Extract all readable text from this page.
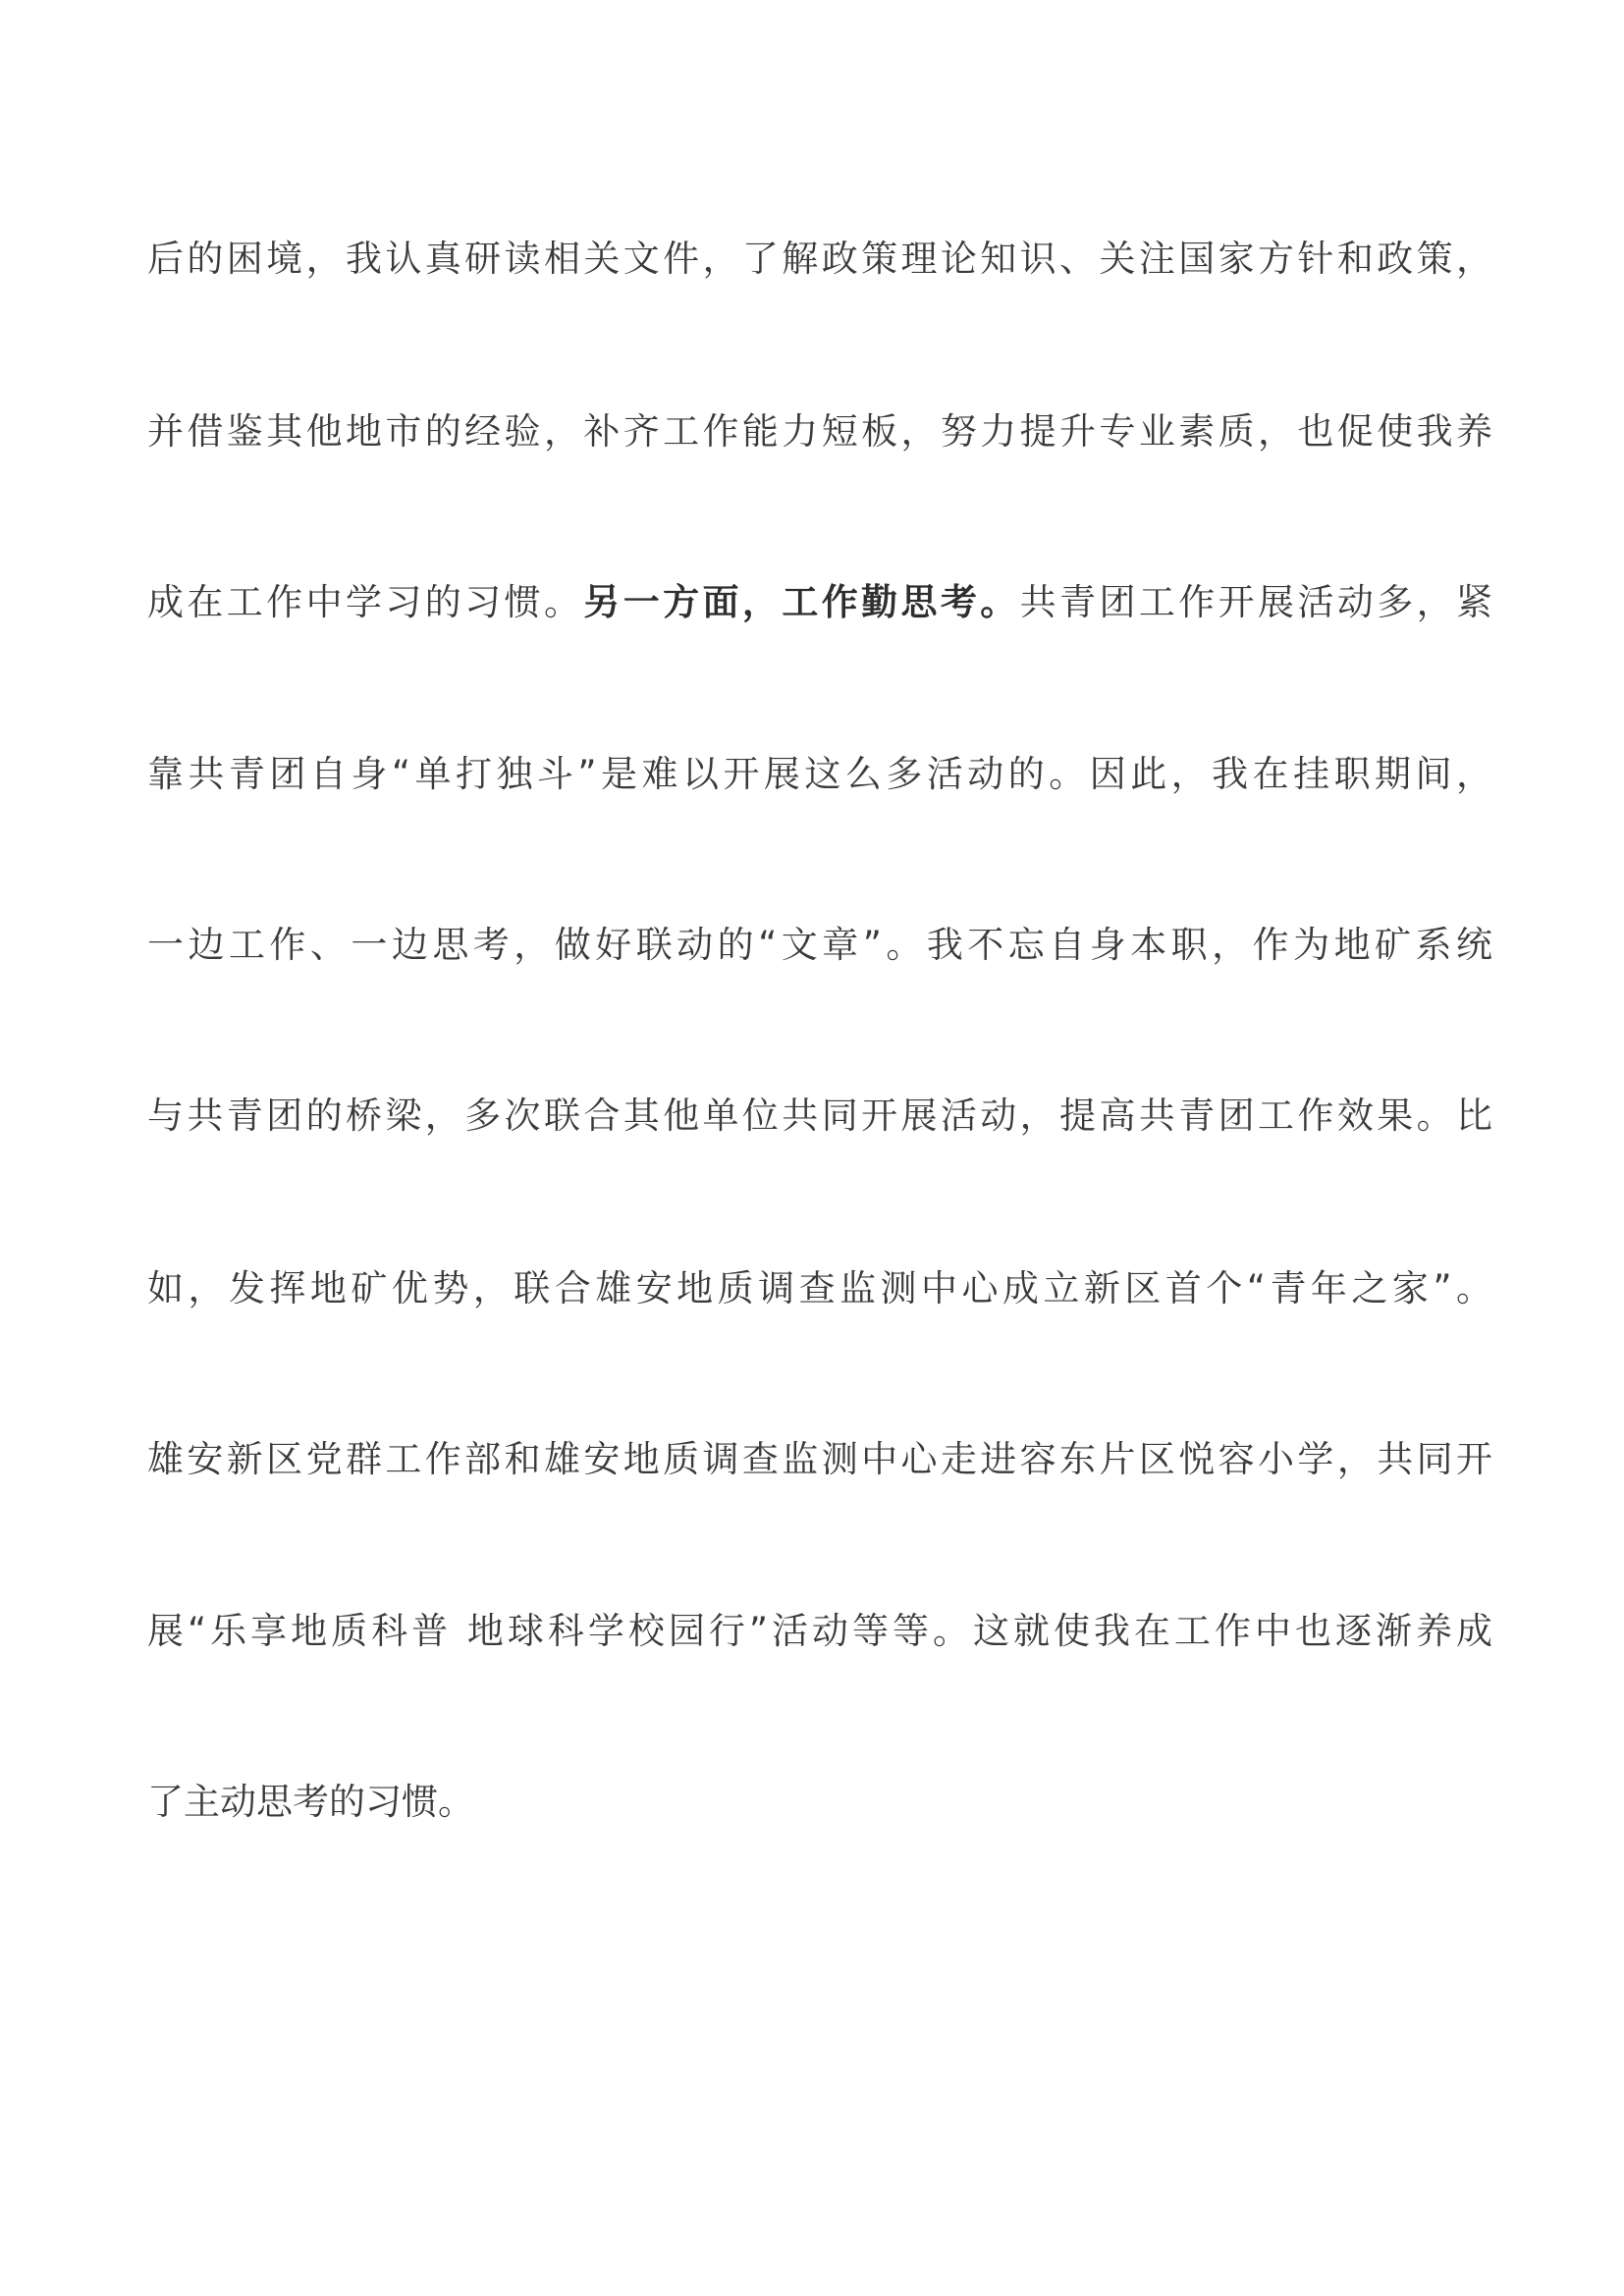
后的困境，我认真研读相关文件，了解政策理论知识、关注国家方针和政策，
并借鉴其他地市的经验，补齐工作能力短板，努力提升专业素质，也促使我养
成在工作中学习的习惯。另一方面，工作勤思考。共青团工作开展活动多，紧
靠共青团自身“单打独斗”是难以开展这么多活动的。因此，我在挂职期间，
一边工作、一边思考，做好联动的“文章”。我不忘自身本职，作为地矿系统
与共青团的桥梁，多次联合其他单位共同开展活动，提高共青团工作效果。比
如，发挥地矿优势，联合雄安地质调查监测中心成立新区首个“青年之家”。
雄安新区党群工作部和雄安地质调查监测中心走进容东片区悦容小学，共同开
展“乐享地质科普 地球科学校园行”活动等等。这就使我在工作中也逐渐养成
了主动思考的习惯。
